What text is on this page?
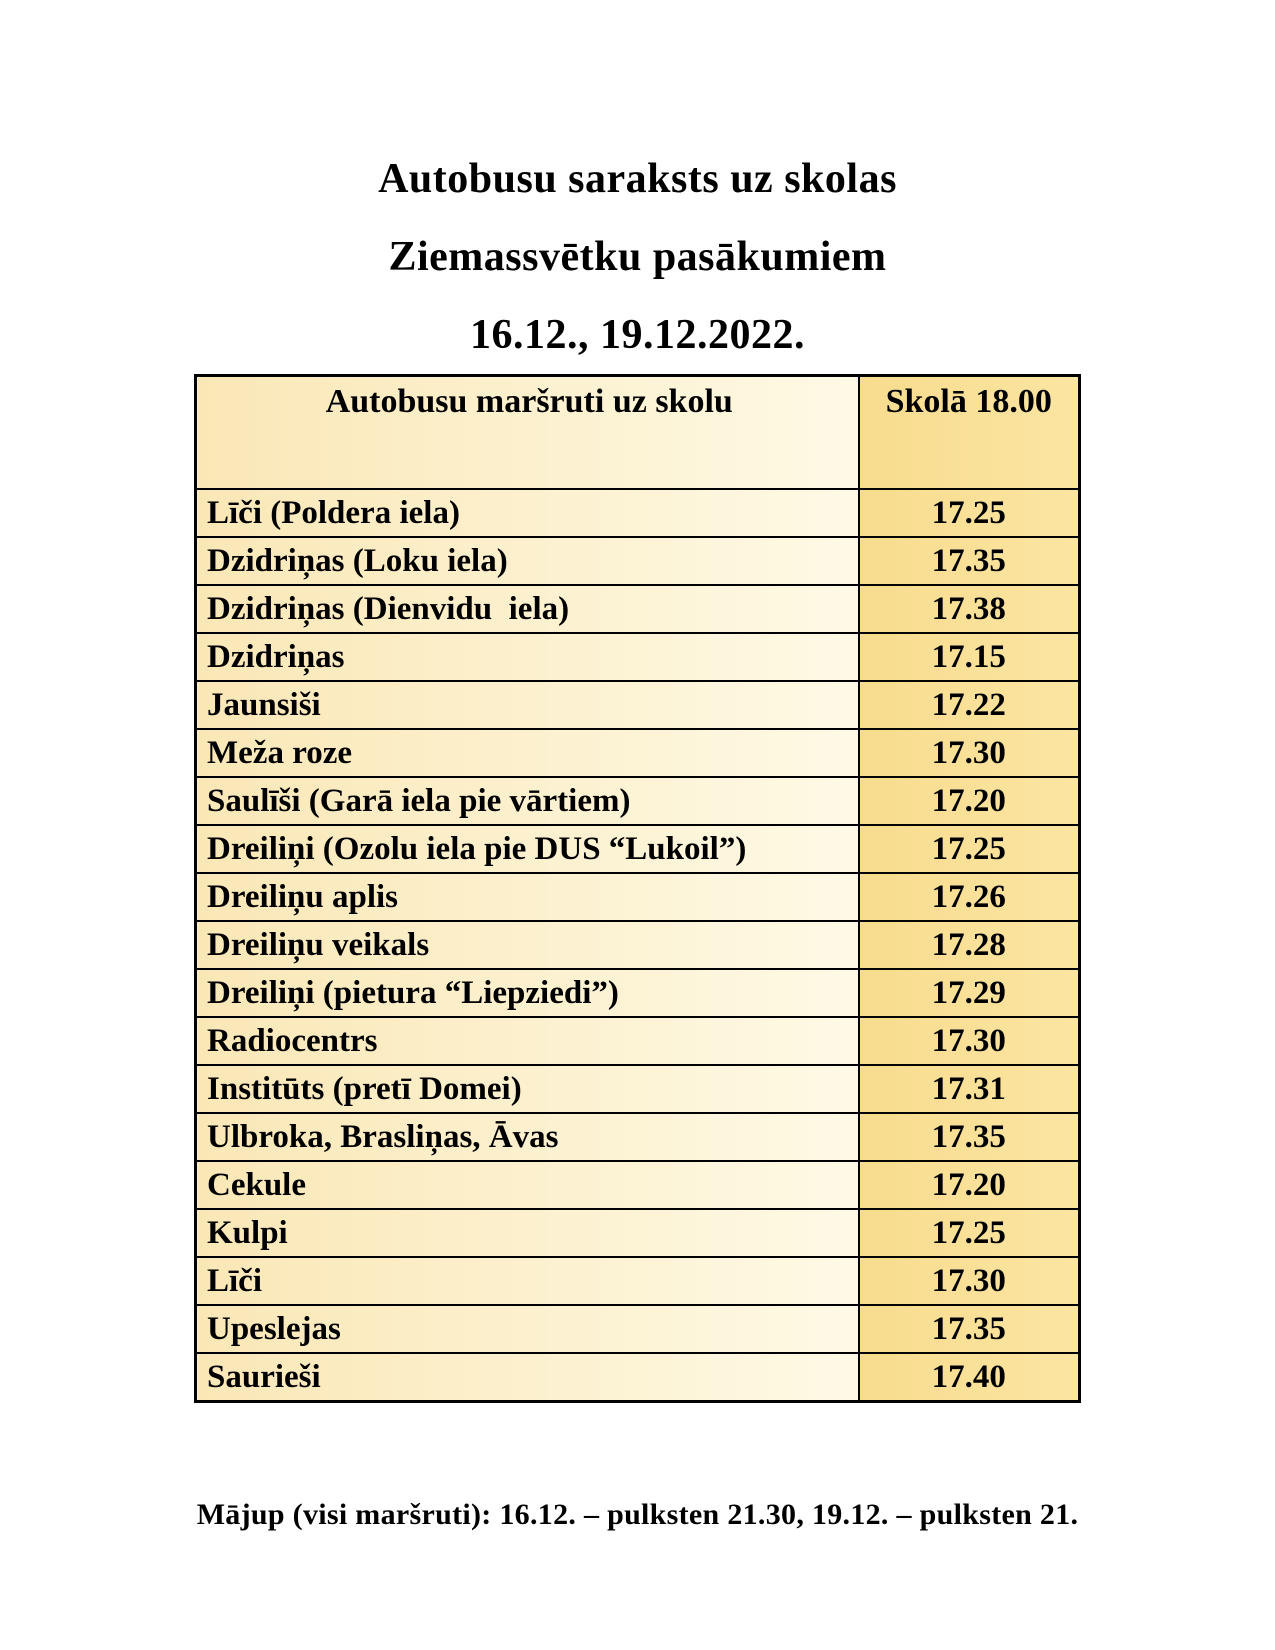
Autobusu saraksts uz skolas
Ziemassvētku pasākumiem
16.12., 19.12.2022.
Autobusu maršruti uz skolu	Skolā 18.00
Līči (Poldera iela)	17.25
Dzidriņas (Loku iela)	17.35
Dzidriņas (Dienvidu  iela)	17.38
Dzidriņas	17.15
Jaunsiši	17.22
Meža roze	17.30
Saulīši (Garā iela pie vārtiem)	17.20
Dreiliņi (Ozolu iela pie DUS “Lukoil”)	17.25
Dreiliņu aplis	17.26
Dreiliņu veikals	17.28
Dreiliņi (pietura “Liepziedi”)	17.29
Radiocentrs	17.30
Institūts (pretī Domei)	17.31
Ulbroka, Brasliņas, Āvas	17.35
Cekule	17.20
Kulpi	17.25
Līči	17.30
Upeslejas	17.35
Saurieši	17.40
Mājup (visi maršruti): 16.12. – pulksten 21.30, 19.12. – pulksten 21.
